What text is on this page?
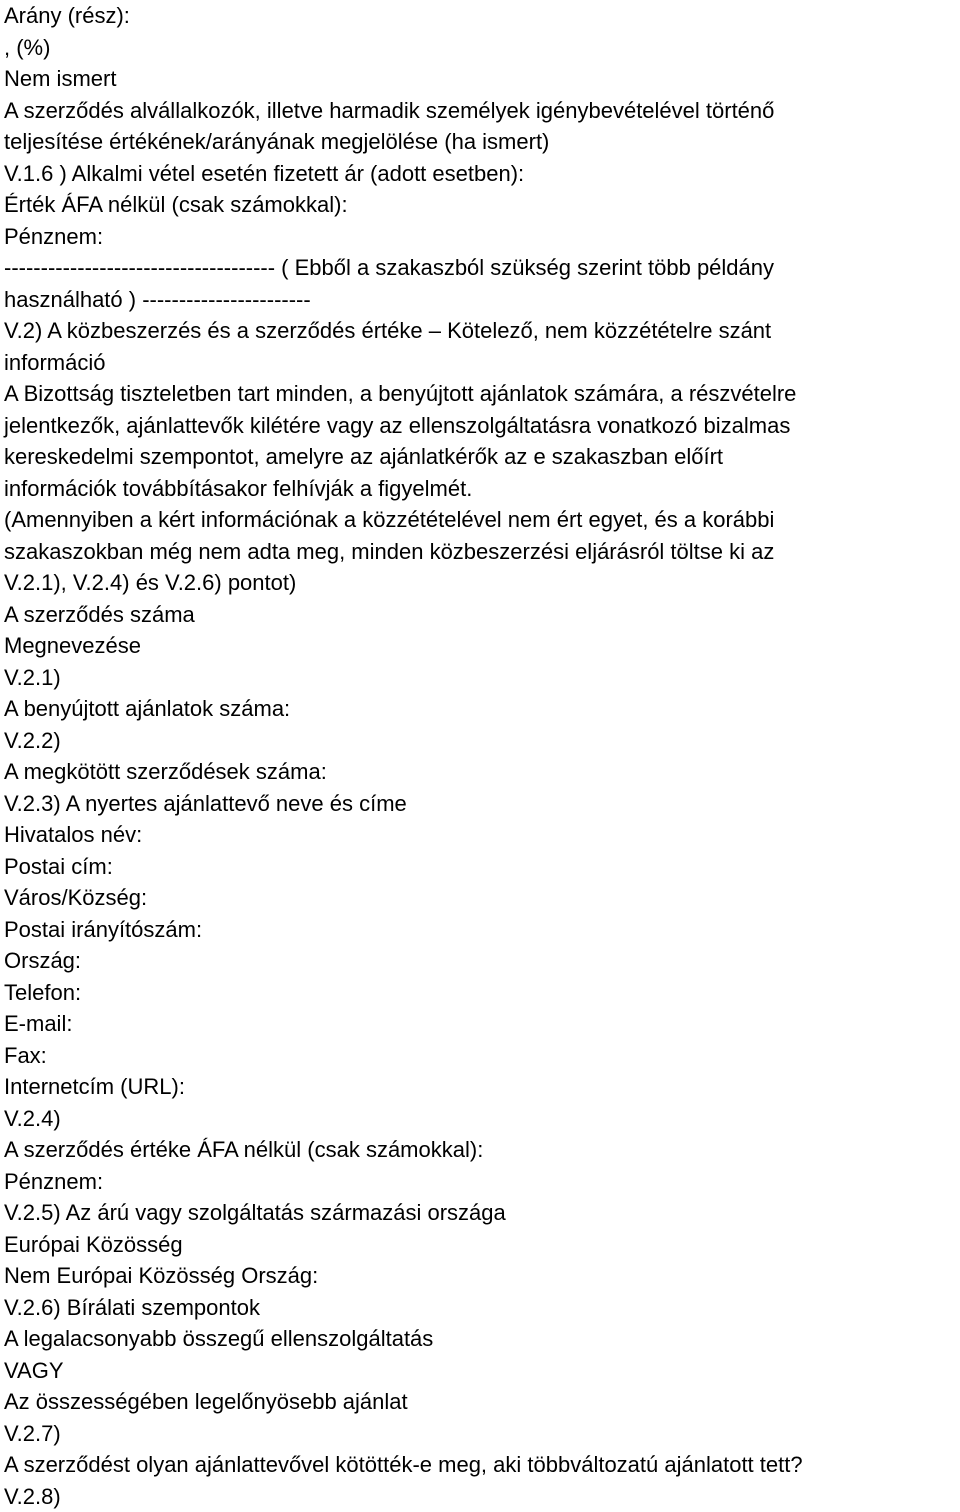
Arány (rész):
, (%)
Nem ismert
A szerződés alvállalkozók, illetve harmadik személyek igénybevételével történő
teljesítése értékének/arányának megjelölése (ha ismert)
V.1.6 ) Alkalmi vétel esetén fizetett ár (adott esetben):
Érték ÁFA nélkül (csak számokkal):
Pénznem:
------------------------------------- ( Ebből a szakaszból szükség szerint több példány
használható ) -----------------------
V.2) A közbeszerzés és a szerződés értéke – Kötelező, nem közzétételre szánt
információ
A Bizottság tiszteletben tart minden, a benyújtott ajánlatok számára, a részvételre
jelentkezők, ajánlattevők kilétére vagy az ellenszolgáltatásra vonatkozó bizalmas
kereskedelmi szempontot, amelyre az ajánlatkérők az e szakaszban előírt
információk továbbításakor felhívják a figyelmét.
(Amennyiben a kért információnak a közzétételével nem ért egyet, és a korábbi
szakaszokban még nem adta meg, minden közbeszerzési eljárásról töltse ki az
V.2.1), V.2.4) és V.2.6) pontot)
A szerződés száma
Megnevezése
V.2.1)
A benyújtott ajánlatok száma:
V.2.2)
A megkötött szerződések száma:
V.2.3) A nyertes ajánlattevő neve és címe
Hivatalos név:
Postai cím:
Város/Község:
Postai irányítószám:
Ország:
Telefon:
E-mail:
Fax:
Internetcím (URL):
V.2.4)
A szerződés értéke ÁFA nélkül (csak számokkal):
Pénznem:
V.2.5) Az árú vagy szolgáltatás származási országa
Európai Közösség
Nem Európai Közösség Ország:
V.2.6) Bírálati szempontok
A legalacsonyabb összegű ellenszolgáltatás
VAGY
Az összességében legelőnyösebb ajánlat
V.2.7)
A szerződést olyan ajánlattevővel kötötték-e meg, aki többváltozatú ajánlatott tett?
V.2.8)
